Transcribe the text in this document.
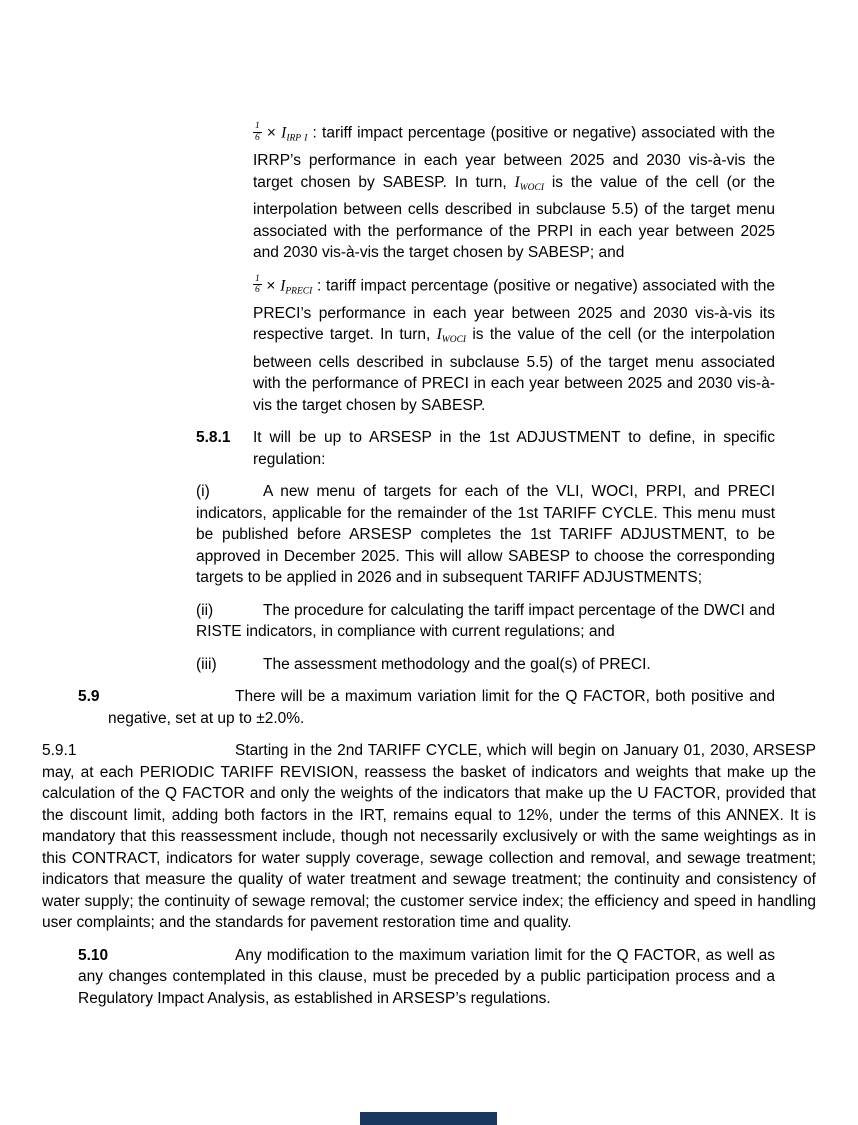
$\frac{1}{6} \times I_{IRP I}$ : tariff impact percentage (positive or negative) associated with the IRRP’s performance in each year between 2025 and 2030 vis-à-vis the target chosen by SABESP. In turn, $I_{WOCI}$ is the value of the cell (or the interpolation between cells described in subclause 5.5) of the target menu associated with the performance of the PRPI in each year between 2025 and 2030 vis-à-vis the target chosen by SABESP; and

$\frac{1}{6} \times I_{PRECI}$ : tariff impact percentage (positive or negative) associated with the PRECI’s performance in each year between 2025 and 2030 vis-à-vis its respective target. In turn, $I_{WOCI}$ is the value of the cell (or the interpolation between cells described in subclause 5.5) of the target menu associated with the performance of PRECI in each year between 2025 and 2030 vis-à-vis the target chosen by SABESP.

5.8.1 It will be up to ARSESP in the 1st ADJUSTMENT to define, in specific regulation:

(i)	A new menu of targets for each of the VLI, WOCI, PRPI, and PRECI indicators, applicable for the remainder of the 1st TARIFF CYCLE. This menu must be published before ARSESP completes the 1st TARIFF ADJUSTMENT, to be approved in December 2025. This will allow SABESP to choose the corresponding targets to be applied in 2026 and in subsequent TARIFF ADJUSTMENTS;

(ii)	The procedure for calculating the tariff impact percentage of the DWCI and RISTE indicators, in compliance with current regulations; and

(iii)	The assessment methodology and the goal(s) of PRECI.

5.9	There will be a maximum variation limit for the Q FACTOR, both positive and negative, set at up to ±2.0%.

5.9.1	Starting in the 2nd TARIFF CYCLE, which will begin on January 01, 2030, ARSESP may, at each PERIODIC TARIFF REVISION, reassess the basket of indicators and weights that make up the calculation of the Q FACTOR and only the weights of the indicators that make up the U FACTOR, provided that the discount limit, adding both factors in the IRT, remains equal to 12%, under the terms of this ANNEX. It is mandatory that this reassessment include, though not necessarily exclusively or with the same weightings as in this CONTRACT, indicators for water supply coverage, sewage collection and removal, and sewage treatment; indicators that measure the quality of water treatment and sewage treatment; the continuity and consistency of water supply; the continuity of sewage removal; the customer service index; the efficiency and speed in handling user complaints; and the standards for pavement restoration time and quality.

5.10	Any modification to the maximum variation limit for the Q FACTOR, as well as any changes contemplated in this clause, must be preceded by a public participation process and a Regulatory Impact Analysis, as established in ARSESP’s regulations.
